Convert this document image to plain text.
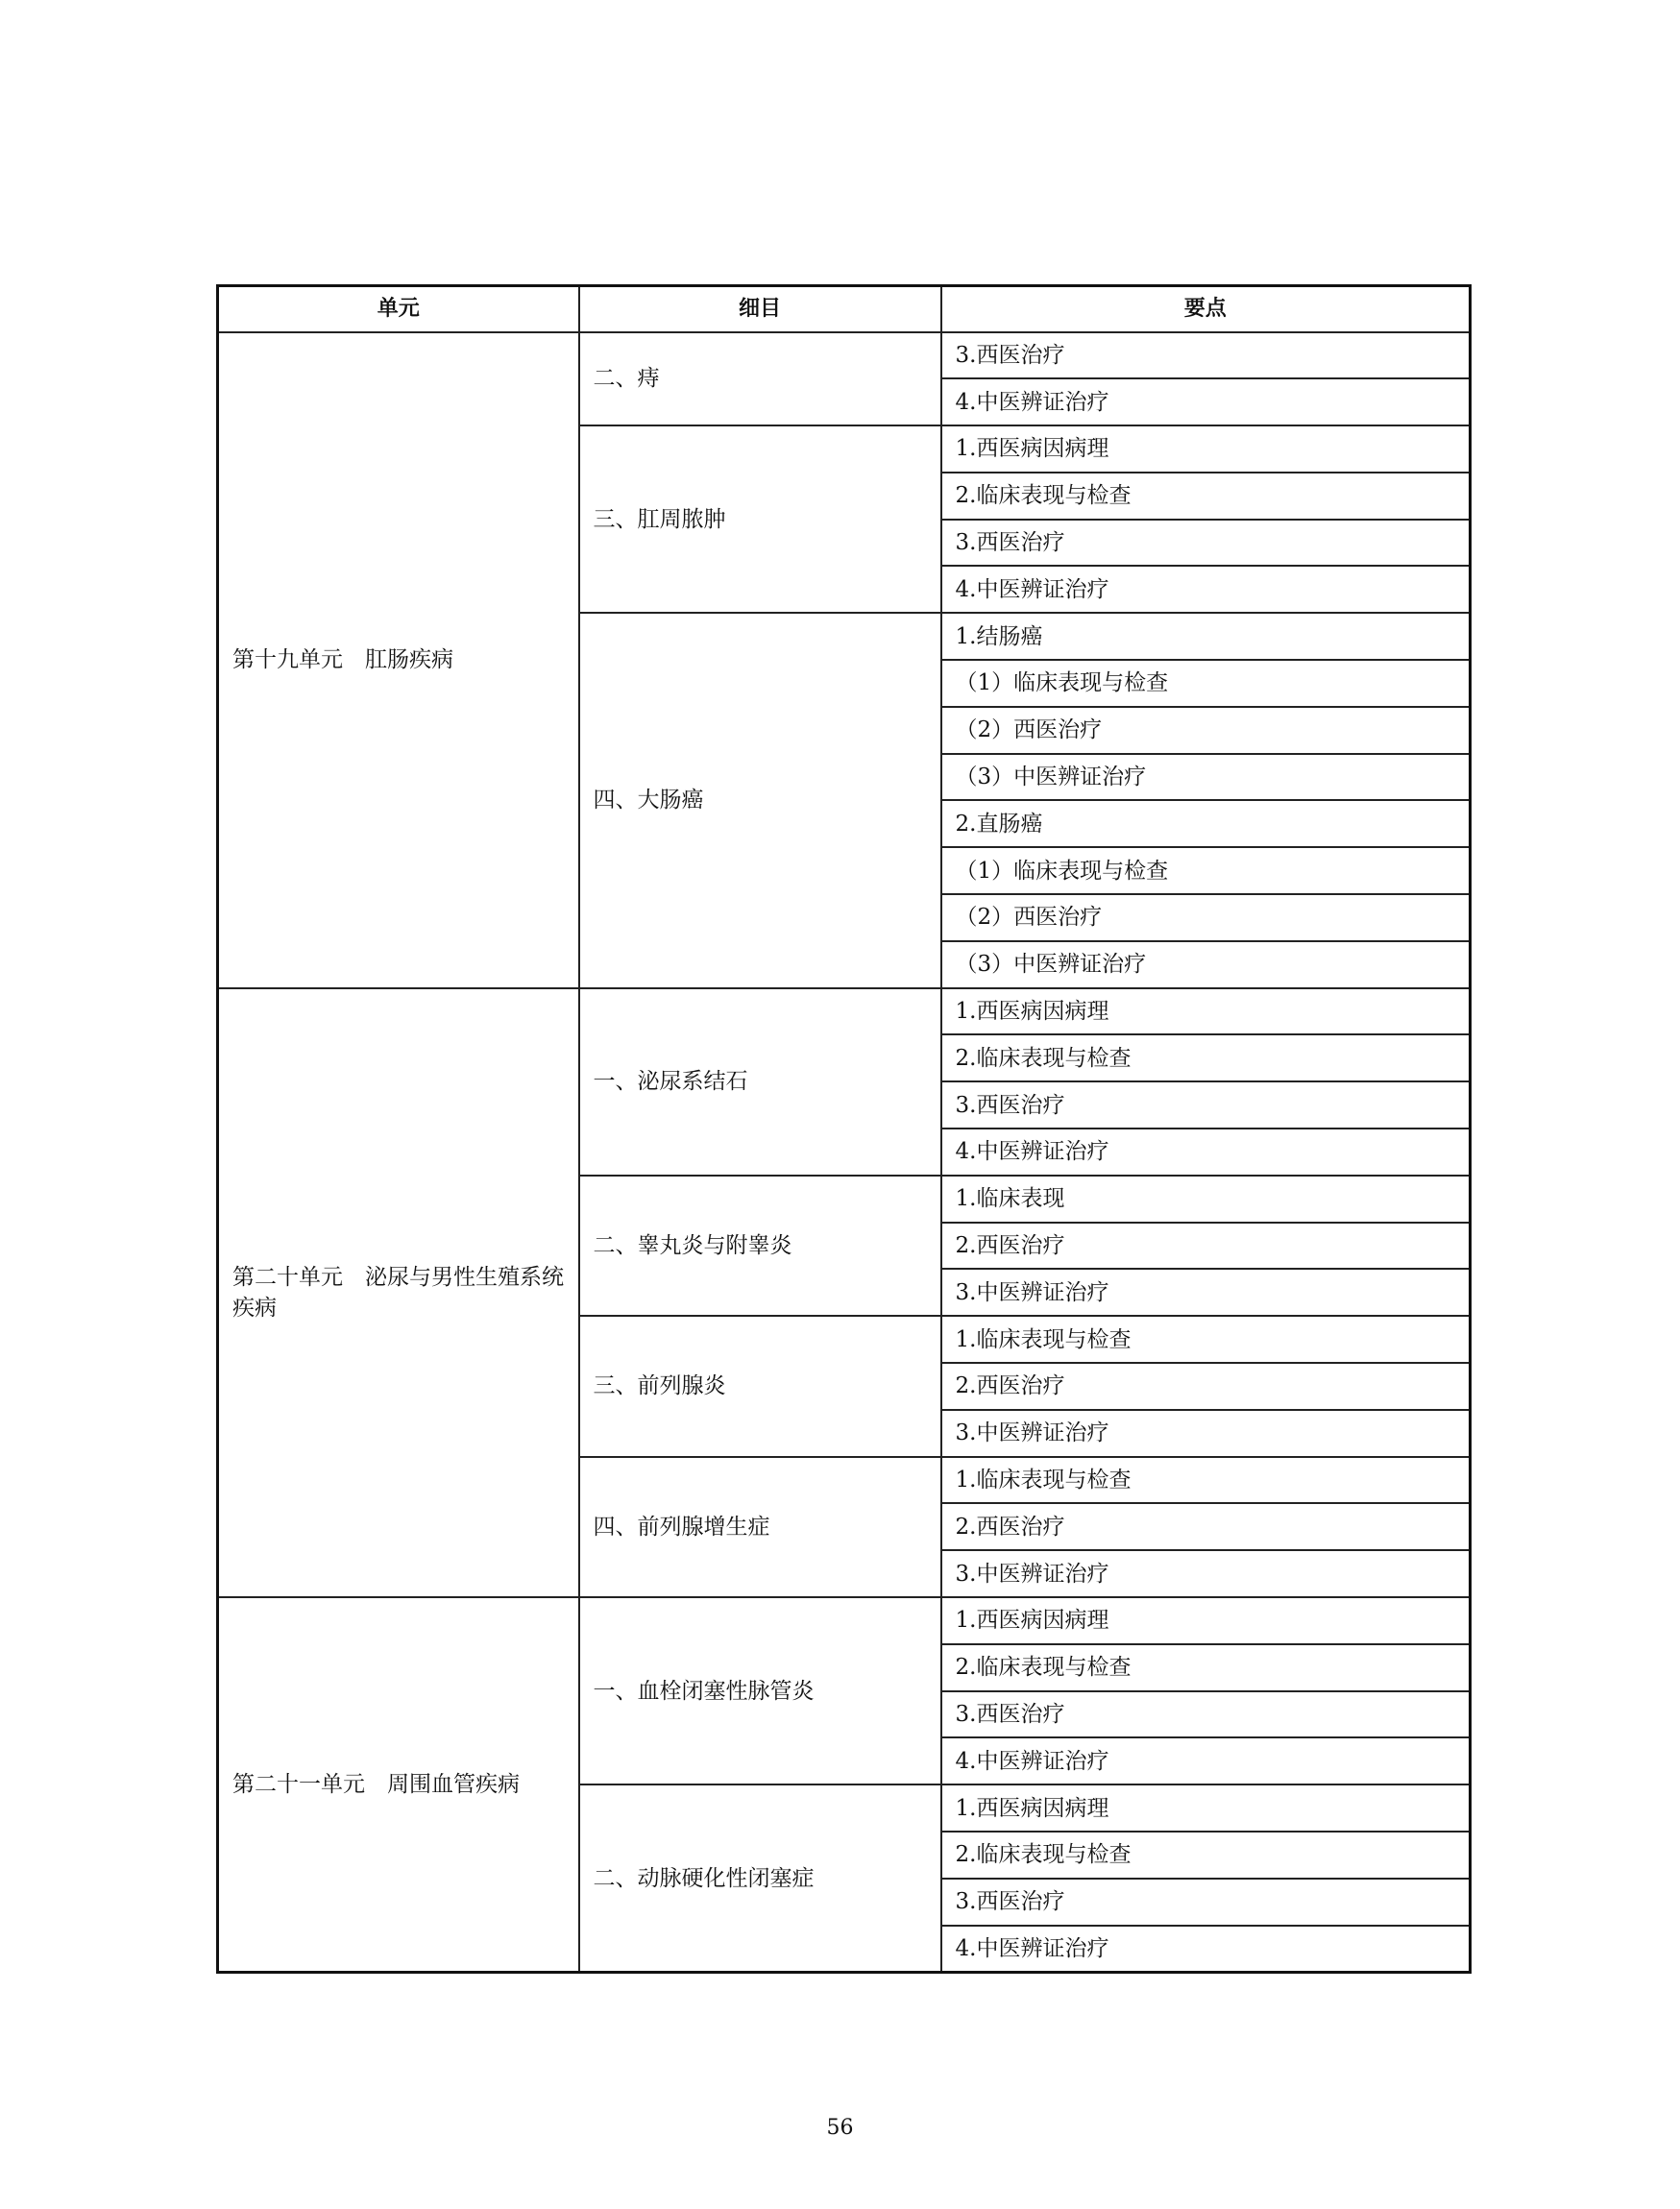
单元	细目	要点
第十九单元　肛肠疾病	二、痔	3.西医治疗
		4.中医辨证治疗
	三、肛周脓肿	1.西医病因病理
		2.临床表现与检查
		3.西医治疗
		4.中医辨证治疗
	四、大肠癌	1.结肠癌
		（1）临床表现与检查
		（2）西医治疗
		（3）中医辨证治疗
		2.直肠癌
		（1）临床表现与检查
		（2）西医治疗
		（3）中医辨证治疗
第二十单元　泌尿与男性生殖系统疾病	一、泌尿系结石	1.西医病因病理
		2.临床表现与检查
		3.西医治疗
		4.中医辨证治疗
	二、睾丸炎与附睾炎	1.临床表现
		2.西医治疗
		3.中医辨证治疗
	三、前列腺炎	1.临床表现与检查
		2.西医治疗
		3.中医辨证治疗
	四、前列腺增生症	1.临床表现与检查
		2.西医治疗
		3.中医辨证治疗
第二十一单元　周围血管疾病	一、血栓闭塞性脉管炎	1.西医病因病理
		2.临床表现与检查
		3.西医治疗
		4.中医辨证治疗
	二、动脉硬化性闭塞症	1.西医病因病理
		2.临床表现与检查
		3.西医治疗
		4.中医辨证治疗
56
